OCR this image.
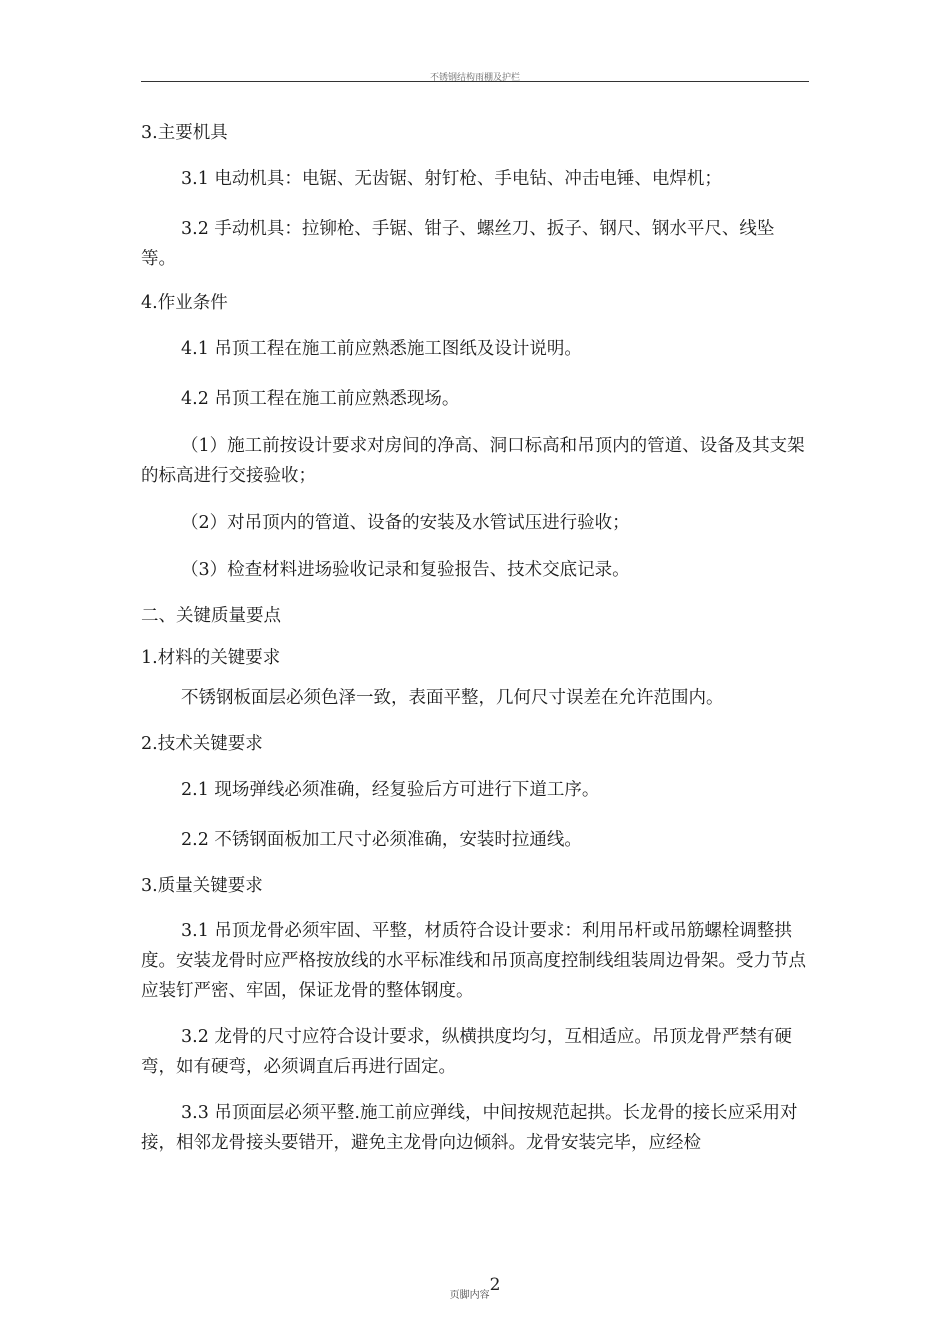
不锈钢结构雨棚及护栏

3.主要机具

3.1 电动机具：电锯、无齿锯、射钉枪、手电钻、冲击电锤、电焊机；

3.2 手动机具：拉铆枪、手锯、钳子、螺丝刀、扳子、钢尺、钢水平尺、线坠等。

4.作业条件

4.1 吊顶工程在施工前应熟悉施工图纸及设计说明。

4.2 吊顶工程在施工前应熟悉现场。

（1）施工前按设计要求对房间的净高、洞口标高和吊顶内的管道、设备及其支架的标高进行交接验收；

（2）对吊顶内的管道、设备的安装及水管试压进行验收；

（3）检查材料进场验收记录和复验报告、技术交底记录。

二、关键质量要点

1.材料的关键要求

不锈钢板面层必须色泽一致，表面平整，几何尺寸误差在允许范围内。

2.技术关键要求

2.1 现场弹线必须准确，经复验后方可进行下道工序。

2.2 不锈钢面板加工尺寸必须准确，安装时拉通线。

3.质量关键要求

3.1 吊顶龙骨必须牢固、平整，材质符合设计要求：利用吊杆或吊筋螺栓调整拱度。安装龙骨时应严格按放线的水平标准线和吊顶高度控制线组装周边骨架。受力节点应装钉严密、牢固，保证龙骨的整体钢度。

3.2 龙骨的尺寸应符合设计要求，纵横拱度均匀，互相适应。吊顶龙骨严禁有硬弯，如有硬弯，必须调直后再进行固定。

3.3 吊顶面层必须平整.施工前应弹线，中间按规范起拱。长龙骨的接长应采用对接，相邻龙骨接头要错开，避免主龙骨向边倾斜。龙骨安装完毕，应经检

页脚内容2
